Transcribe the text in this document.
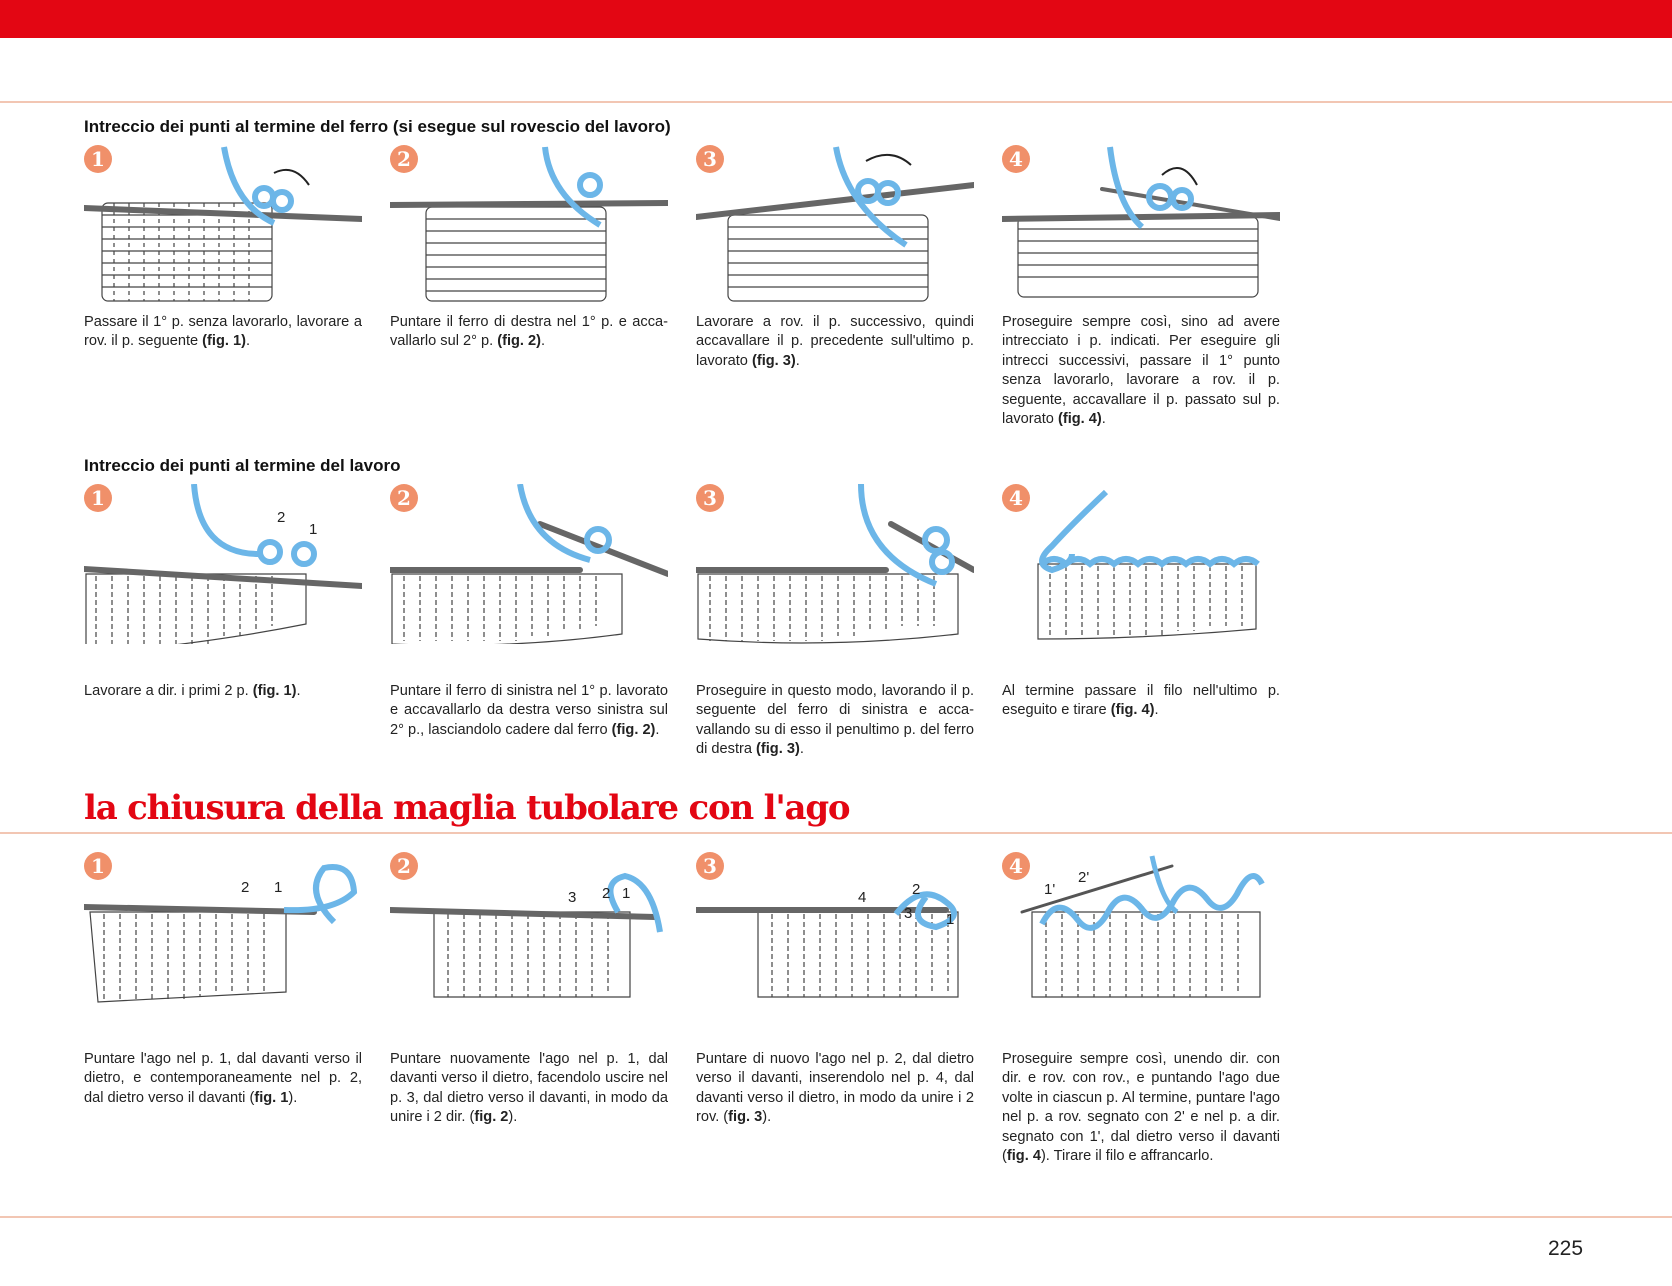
Intreccio dei punti al termine del ferro (si esegue sul rovescio del lavoro)
1

Passare il 1° p. senza lavorarlo, lavorare a rov. il p. seguente (fig. 1).

2

Puntare il ferro di destra nel 1° p. e accavallarlo sul 2° p. (fig. 2).

3

Lavorare a rov. il p. successivo, quindi accavallare il p. precedente sull'ultimo p. lavorato (fig. 3).

4

Proseguire sempre così, sino ad avere intrecciato i p. indicati. Per eseguire gli intrecci successivi, passare il 1° punto senza lavorarlo, lavorare a rov. il p. seguente, accavallare il p. passato sul p. lavorato (fig. 4).

Intreccio dei punti al termine del lavoro
2
1
1

Lavorare a dir. i primi 2 p. (fig. 1).

2

Puntare il ferro di sinistra nel 1° p. lavorato e accavallarlo da destra verso sinistra sul 2° p., lasciandolo cadere dal ferro (fig. 2).

3

Proseguire in questo modo, lavorando il p. seguente del ferro di sinistra e accavallando su di esso il penultimo p. del ferro di destra (fig. 3).

4

Al termine passare il filo nell'ultimo p. eseguito e tirare (fig. 4).

la chiusura della maglia tubolare con l'ago
2 1
1

Puntare l'ago nel p. 1, dal davanti verso il dietro, e contemporaneamente nel p. 2, dal dietro verso il davanti (fig. 1).

3 2 1
2

Puntare nuovamente l'ago nel p. 1, dal davanti verso il dietro, facendolo uscire nel p. 3, dal dietro verso il davanti, in modo da unire i 2 dir. (fig. 2).

4	2
3 1
3

Puntare di nuovo l'ago nel p. 2, dal dietro verso il davanti, inserendolo nel p. 4, dal davanti verso il dietro, in modo da unire i 2 rov. (fig. 3).

1'
2'
4

Proseguire sempre così, unendo dir. con dir. e rov. con rov., e puntando l'ago due volte in ciascun p. Al termine, puntare l'ago nel p. a rov. segnato con 2' e nel p. a dir. segnato con 1', dal dietro verso il davanti (fig. 4). Tirare il filo e affrancarlo.

225
